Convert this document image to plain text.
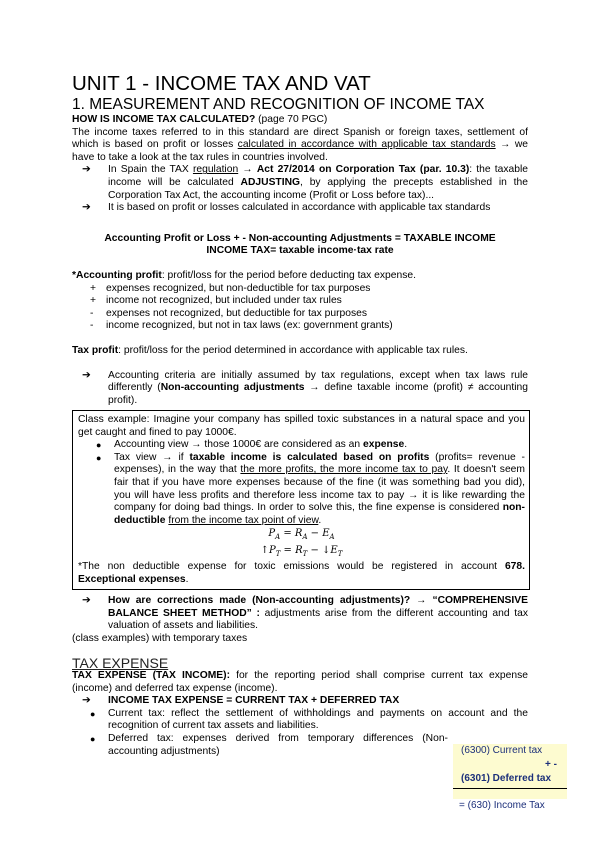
UNIT 1 - INCOME TAX AND VAT
1. MEASUREMENT AND RECOGNITION OF INCOME TAX

HOW IS INCOME TAX CALCULATED? (page 70 PGC)

The income taxes referred to in this standard are direct Spanish or foreign taxes, settlement of which is based on profit or losses calculated in accordance with applicable tax standards → we have to take a look at the tax rules in countries involved.

➔ In Spain the TAX regulation → Act 27/2014 on Corporation Tax (par. 10.3): the taxable income will be calculated ADJUSTING, by applying the precepts established in the Corporation Tax Act, the accounting income (Profit or Loss before tax)...
➔ It is based on profit or losses calculated in accordance with applicable tax standards

Accounting Profit or Loss + - Non-accounting Adjustments = TAXABLE INCOME

INCOME TAX= taxable income·tax rate

*Accounting profit: profit/loss for the period before deducting tax expense.

+ expenses recognized, but non-deductible for tax purposes
+ income not recognized, but included under tax rules
- expenses not recognized, but deductible for tax purposes
- income recognized, but not in tax laws (ex: government grants)

Tax profit: profit/loss for the period determined in accordance with applicable tax rules.

➔ Accounting criteria are initially assumed by tax regulations, except when tax laws rule differently (Non-accounting adjustments → define taxable income (profit) ≠ accounting profit).

Class example: Imagine your company has spilled toxic substances in a natural space and you get caught and fined to pay 1000€.

● Accounting view → those 1000€ are considered as an expense.
● Tax view → if taxable income is calculated based on profits (profits= revenue - expenses), in the way that the more profits, the more income tax to pay. It doesn't seem fair that if you have more expenses because of the fine (it was something bad you did), you will have less profits and therefore less income tax to pay → it is like rewarding the company for doing bad things. In order to solve this, the fine expense is considered non-deductible from the income tax point of view.
$P_A = R_A - E_A$
$↑P_T = R_T$ − $↓E_T$

*The non deductible expense for toxic emissions would be registered in account 678. Exceptional expenses.

➔ How are corrections made (Non-accounting adjustments)? → “COMPREHENSIVE BALANCE SHEET METHOD” : adjustments arise from the different accounting and tax valuation of assets and liabilities.

(class examples) with temporary taxes

TAX EXPENSE

TAX EXPENSE (TAX INCOME): for the reporting period shall comprise current tax expense (income) and deferred tax expense (income).

➔ INCOME TAX EXPENSE = CURRENT TAX + DEFERRED TAX
● Current tax: reflect the settlement of withholdings and payments on account and the recognition of current tax assets and liabilities.
● Deferred tax: expenses derived from temporary differences (Non-accounting adjustments)	(6300) Current tax
+ -
(6301) Deferred tax
= (630) Income Tax
